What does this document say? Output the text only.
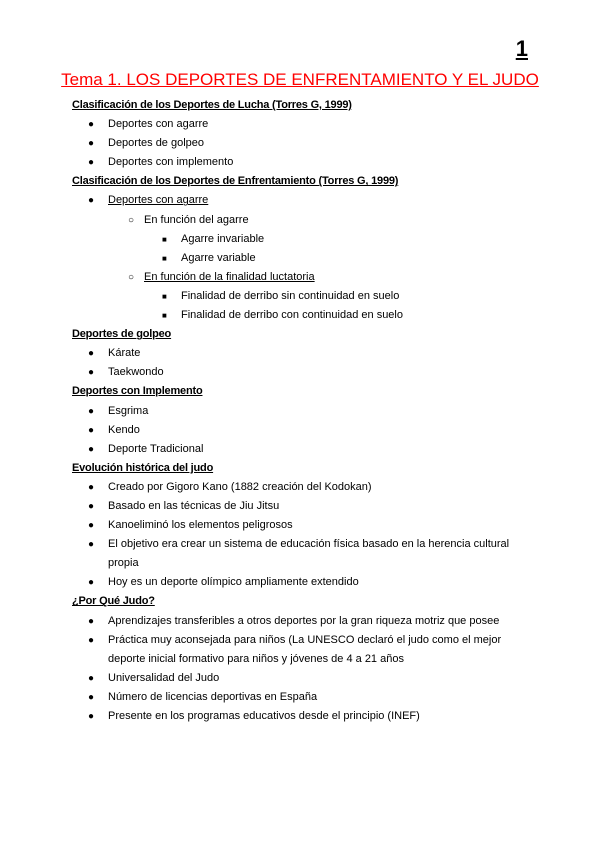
1
Tema 1. LOS DEPORTES DE ENFRENTAMIENTO Y EL JUDO
Clasificación de los Deportes de Lucha (Torres G, 1999)
● Deportes con agarre
● Deportes de golpeo
● Deportes con implemento
Clasificación de los Deportes de Enfrentamiento (Torres G, 1999)
● Deportes con agarre
○ En función del agarre
■ Agarre invariable
■ Agarre variable
○ En función de la finalidad luctatoria
■ Finalidad de derribo sin continuidad en suelo
■ Finalidad de derribo con continuidad en suelo
Deportes de golpeo
● Kárate
● Taekwondo
Deportes con Implemento
● Esgrima
● Kendo
● Deporte Tradicional
Evolución histórica del judo
● Creado por Gigoro Kano (1882 creación del Kodokan)
● Basado en las técnicas de Jiu Jitsu
● Kanoeliminó los elementos peligrosos
● El objetivo era crear un sistema de educación física basado en la herencia cultural propia
● Hoy es un deporte olímpico ampliamente extendido
¿Por Qué Judo?
● Aprendizajes transferibles a otros deportes por la gran riqueza motriz que posee
● Práctica muy aconsejada para niños (La UNESCO declaró el judo como el mejor deporte inicial formativo para niños y jóvenes de 4 a 21 años
● Universalidad del Judo
● Número de licencias deportivas en España
● Presente en los programas educativos desde el principio (INEF)
